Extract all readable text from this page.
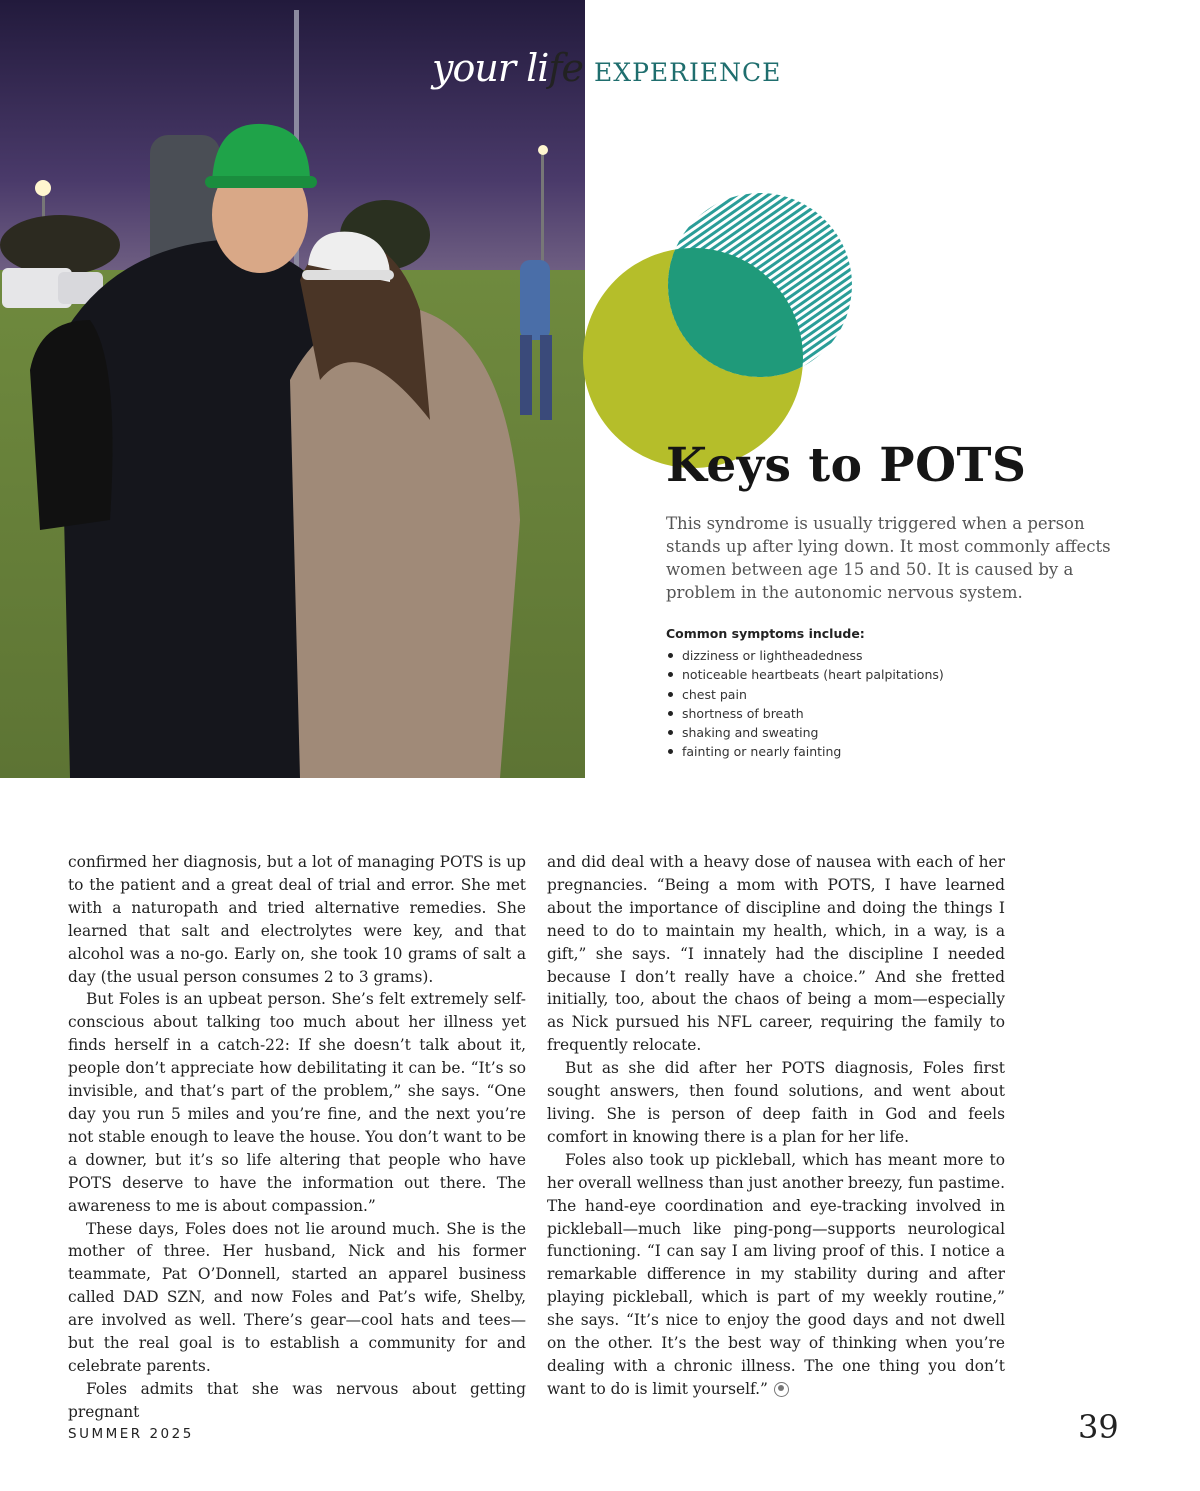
your life EXPERIENCE
Keys to POTS

This syndrome is usually triggered when a person stands up after lying down. It most commonly affects women between age 15 and 50. It is caused by a problem in the autonomic nervous system.

Common symptoms include:

dizziness or lightheadedness
noticeable heartbeats (heart palpitations)
chest pain
shortness of breath
shaking and sweating
fainting or nearly fainting

confirmed her diagnosis, but a lot of managing POTS is up to the patient and a great deal of trial and error. She met with a naturopath and tried alternative remedies. She learned that salt and electrolytes were key, and that alcohol was a no-go. Early on, she took 10 grams of salt a day (the usual person consumes 2 to 3 grams).

But Foles is an upbeat person. She’s felt extremely self-conscious about talking too much about her illness yet finds herself in a catch-22: If she doesn’t talk about it, people don’t appreciate how debilitating it can be. “It’s so invisible, and that’s part of the problem,” she says. “One day you run 5 miles and you’re fine, and the next you’re not stable enough to leave the house. You don’t want to be a downer, but it’s so life altering that people who have POTS deserve to have the information out there. The awareness to me is about compassion.”

These days, Foles does not lie around much. She is the mother of three. Her husband, Nick and his former teammate, Pat O’Donnell, started an apparel business called DAD SZN, and now Foles and Pat’s wife, Shelby, are involved as well. There’s gear—cool hats and tees—but the real goal is to establish a community for and celebrate parents.

Foles admits that she was nervous about getting pregnant

and did deal with a heavy dose of nausea with each of her pregnancies. “Being a mom with POTS, I have learned about the importance of discipline and doing the things I need to do to maintain my health, which, in a way, is a gift,” she says. “I innately had the discipline I needed because I don’t really have a choice.” And she fretted initially, too, about the chaos of being a mom—especially as Nick pursued his NFL career, requiring the family to frequently relocate.

But as she did after her POTS diagnosis, Foles first sought answers, then found solutions, and went about living. She is person of deep faith in God and feels comfort in knowing there is a plan for her life.

Foles also took up pickleball, which has meant more to her overall wellness than just another breezy, fun pastime. The hand-eye coordination and eye-tracking involved in pickleball—much like ping-pong—supports neurological functioning. “I can say I am living proof of this. I notice a remarkable difference in my stability during and after playing pickleball, which is part of my weekly routine,” she says. “It’s nice to enjoy the good days and not dwell on the other. It’s the best way of thinking when you’re dealing with a chronic illness. The one thing you don’t want to do is limit yourself.”

SUMMER 2025	39
